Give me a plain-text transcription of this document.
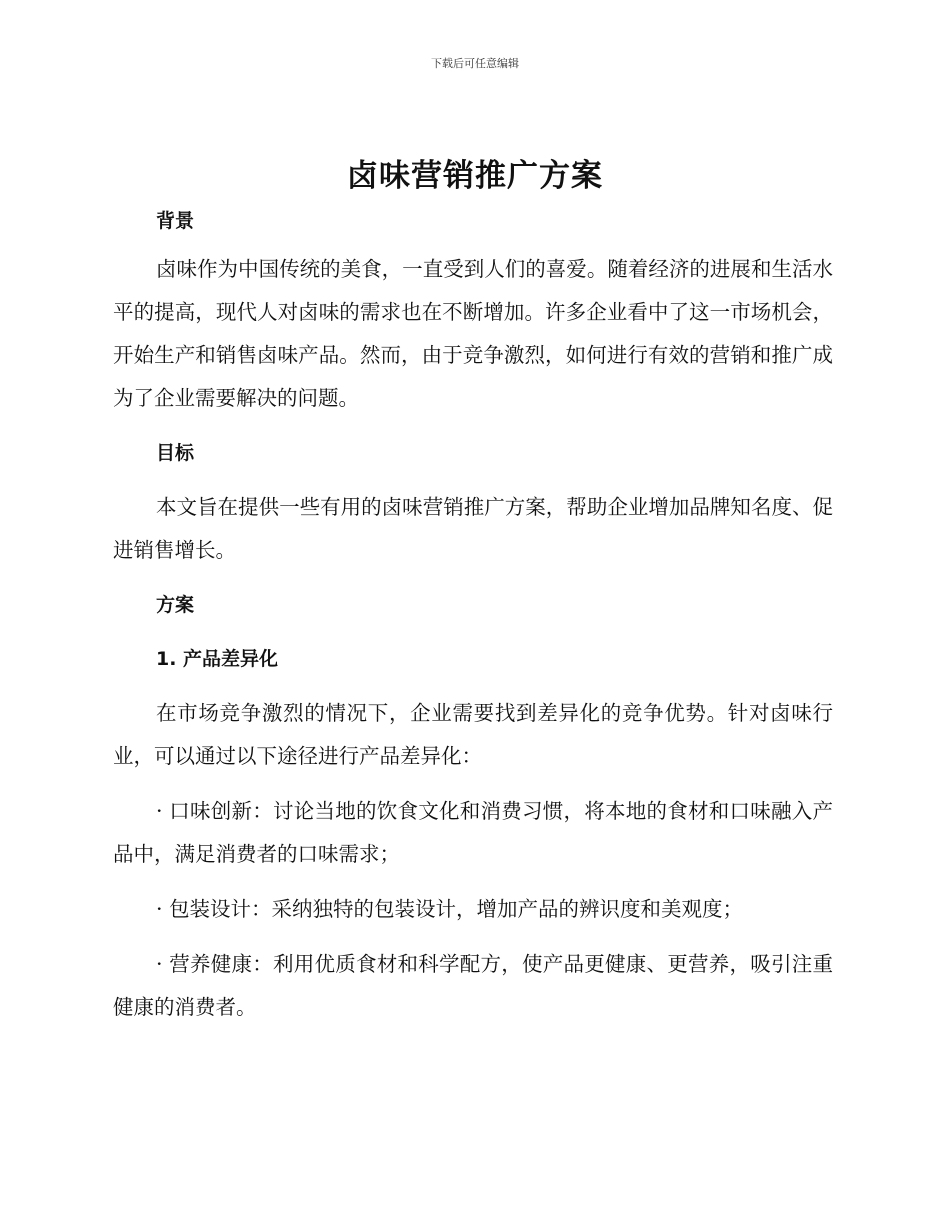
下载后可任意编辑
卤味营销推广方案
背景
卤味作为中国传统的美食，一直受到人们的喜爱。随着经济的进展和生活水平的提高，现代人对卤味的需求也在不断增加。许多企业看中了这一市场机会，开始生产和销售卤味产品。然而，由于竞争激烈，如何进行有效的营销和推广成为了企业需要解决的问题。
目标
本文旨在提供一些有用的卤味营销推广方案，帮助企业增加品牌知名度、促进销售增长。
方案
1. 产品差异化
在市场竞争激烈的情况下，企业需要找到差异化的竞争优势。针对卤味行业，可以通过以下途径进行产品差异化：
· 口味创新：讨论当地的饮食文化和消费习惯，将本地的食材和口味融入产品中，满足消费者的口味需求；
· 包装设计：采纳独特的包装设计，增加产品的辨识度和美观度；
· 营养健康：利用优质食材和科学配方，使产品更健康、更营养，吸引注重健康的消费者。
